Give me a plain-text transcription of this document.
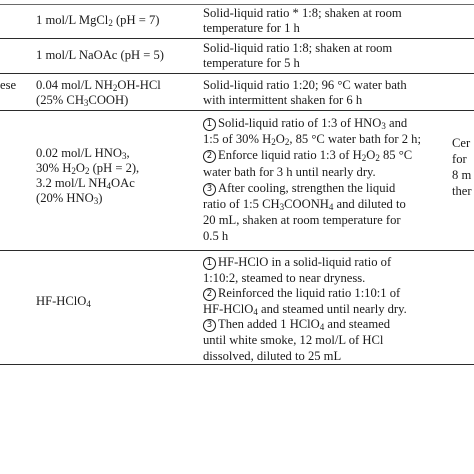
1 mol/L MgCl$_2$ (pH = 7)	Solid-liquid ratio * 1:8; shaken at room
temperature for 1 h
1 mol/L NaOAc (pH = 5)	Solid-liquid ratio 1:8; shaken at room
temperature for 5 h
ese 0.04 mol/L $NH_2OH$-HCl
(25% $CH_3COOH$)
Solid-liquid ratio 1:20; 96 °C water bath
with intermittent shaken for 6 h
0.02 mol/L $HNO_3$,
30% $H_2O_2$ (pH = 2),
3.2 mol/L $NH_4OAc$
(20% $HNO_3$)
1 Solid-liquid ratio of 1:3 of $HNO_3$ and
1:5 of 30% $H_2O_2$, 85 °C water bath for 2 h;
2 Enforce liquid ratio 1:3 of $H_2O_2$ 85 °C
water bath for 3 h until nearly dry.
3 After cooling, strengthen the liquid
ratio of 1:5 $CH_3COONH_4$ and diluted to
20 mL, shaken at room temperature for
0.5 h
Cer
for
8 m
ther
HF-HClO$_4$
1 HF-HClO in a solid-liquid ratio of
1:10:2, steamed to near dryness.
2 Reinforced the liquid ratio 1:10:1 of
HF-HClO$_4$ and steamed until nearly dry.
3 Then added 1 HClO$_4$ and steamed
until white smoke, 12 mol/L of HCl
dissolved, diluted to 25 mL
